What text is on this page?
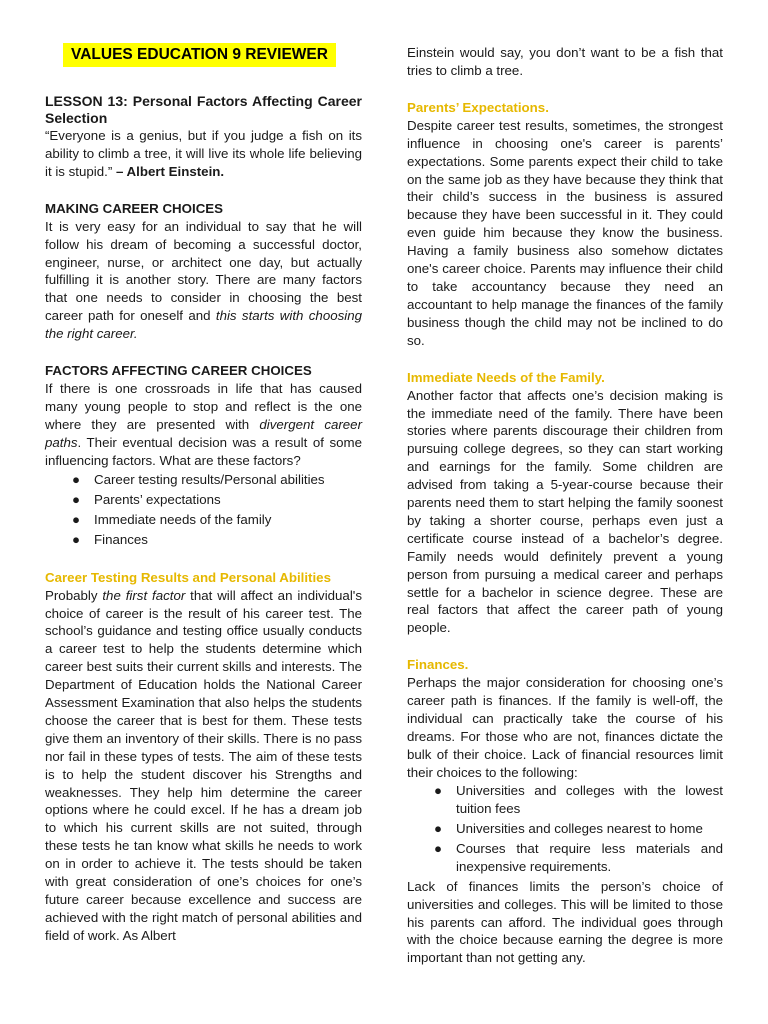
VALUES EDUCATION 9 REVIEWER

LESSON 13: Personal Factors Affecting Career Selection

“Everyone is a genius, but if you judge a fish on its ability to climb a tree, it will live its whole life believing it is stupid.” – Albert Einstein.

MAKING CAREER CHOICES

It is very easy for an individual to say that he will follow his dream of becoming a successful doctor, engineer, nurse, or architect one day, but actually fulfilling it is another story. There are many factors that one needs to consider in choosing the best career path for oneself and this starts with choosing the right career.

FACTORS AFFECTING CAREER CHOICES

If there is one crossroads in life that has caused many young people to stop and reflect is the one where they are presented with divergent career paths. Their eventual decision was a result of some influencing factors. What are these factors?

● Career testing results/Personal abilities
● Parents’ expectations
● Immediate needs of the family
● Finances

Career Testing Results and Personal Abilities

Probably the first factor that will affect an individual's choice of career is the result of his career test. The school’s guidance and testing office usually conducts a career test to help the students determine which career best suits their current skills and interests. The Department of Education holds the National Career Assessment Examination that also helps the students choose the career that is best for them. These tests give them an inventory of their skills. There is no pass nor fail in these types of tests. The aim of these tests is to help the student discover his Strengths and weaknesses. They help him determine the career options where he could excel. If he has a dream job to which his current skills are not suited, through these tests he tan know what skills he needs to work on in order to achieve it. The tests should be taken with great consideration of one’s choices for one’s future career because excellence and success are achieved with the right match of personal abilities and field of work. As Albert

Einstein would say, you don’t want to be a fish that tries to climb a tree.

Parents’ Expectations.

Despite career test results, sometimes, the strongest influence in choosing one's career is parents’ expectations. Some parents expect their child to take on the same job as they have because they think that their child’s success in the business is assured because they have been successful in it. They could even guide him because they know the business. Having a family business also somehow dictates one's career choice. Parents may influence their child to take accountancy because they need an accountant to help manage the finances of the family business though the child may not be inclined to do so.

Immediate Needs of the Family.

Another factor that affects one’s decision making is the immediate need of the family. There have been stories where parents discourage their children from pursuing college degrees, so they can start working and earnings for the family. Some children are advised from taking a 5-year-course because their parents need them to start helping the family soonest by taking a shorter course, perhaps even just a certificate course instead of a bachelor’s degree. Family needs would definitely prevent a young person from pursuing a medical career and perhaps settle for a bachelor in science degree. These are real factors that affect the career path of young people.

Finances.

Perhaps the major consideration for choosing one’s career path is finances. If the family is well-off, the individual can practically take the course of his dreams. For those who are not, finances dictate the bulk of their choice. Lack of financial resources limit their choices to the following:

● Universities and colleges with the lowest tuition fees
● Universities and colleges nearest to home
● Courses that require less materials and inexpensive requirements.

Lack of finances limits the person’s choice of universities and colleges. This will be limited to those his parents can afford. The individual goes through with the choice because earning the degree is more important than not getting any.
